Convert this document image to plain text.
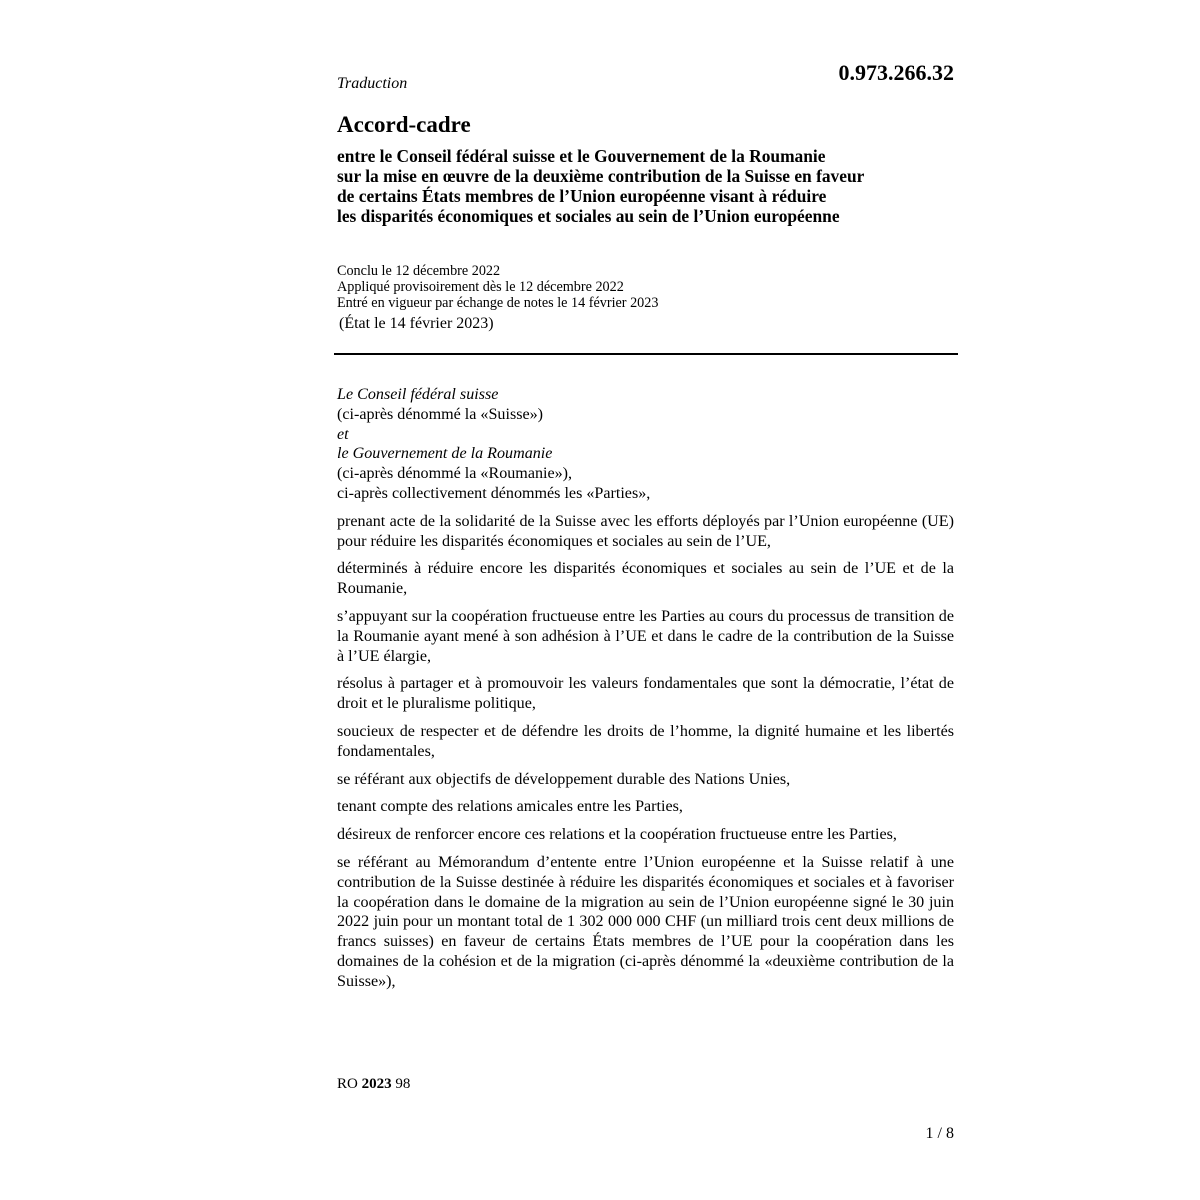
0.973.266.32
Traduction
Accord-cadre
entre le Conseil fédéral suisse et le Gouvernement de la Roumanie
sur la mise en œuvre de la deuxième contribution de la Suisse en faveur
de certains États membres de l’Union européenne visant à réduire
les disparités économiques et sociales au sein de l’Union européenne
Conclu le 12 décembre 2022
Appliqué provisoirement dès le 12 décembre 2022
Entré en vigueur par échange de notes le 14 février 2023
(État le 14 février 2023)
Le Conseil fédéral suisse
(ci-après dénommé la «Suisse»)
et
le Gouvernement de la Roumanie
(ci-après dénommé la «Roumanie»),
ci-après collectivement dénommés les «Parties»,
prenant acte de la solidarité de la Suisse avec les efforts déployés par l’Union européenne (UE) pour réduire les disparités économiques et sociales au sein de l’UE,
déterminés à réduire encore les disparités économiques et sociales au sein de l’UE et de la Roumanie,
s’appuyant sur la coopération fructueuse entre les Parties au cours du processus de transition de la Roumanie ayant mené à son adhésion à l’UE et dans le cadre de la contribution de la Suisse à l’UE élargie,
résolus à partager et à promouvoir les valeurs fondamentales que sont la démocratie, l’état de droit et le pluralisme politique,
soucieux de respecter et de défendre les droits de l’homme, la dignité humaine et les libertés fondamentales,
se référant aux objectifs de développement durable des Nations Unies,
tenant compte des relations amicales entre les Parties,
désireux de renforcer encore ces relations et la coopération fructueuse entre les Parties,
se référant au Mémorandum d’entente entre l’Union européenne et la Suisse relatif à une contribution de la Suisse destinée à réduire les disparités économiques et sociales et à favoriser la coopération dans le domaine de la migration au sein de l’Union européenne signé le 30 juin 2022 juin pour un montant total de 1 302 000 000 CHF (un milliard trois cent deux millions de francs suisses) en faveur de certains États membres de l’UE pour la coopération dans les domaines de la cohésion et de la migration (ci-après dénommé la «deuxième contribution de la Suisse»),
RO 2023 98
1 / 8
